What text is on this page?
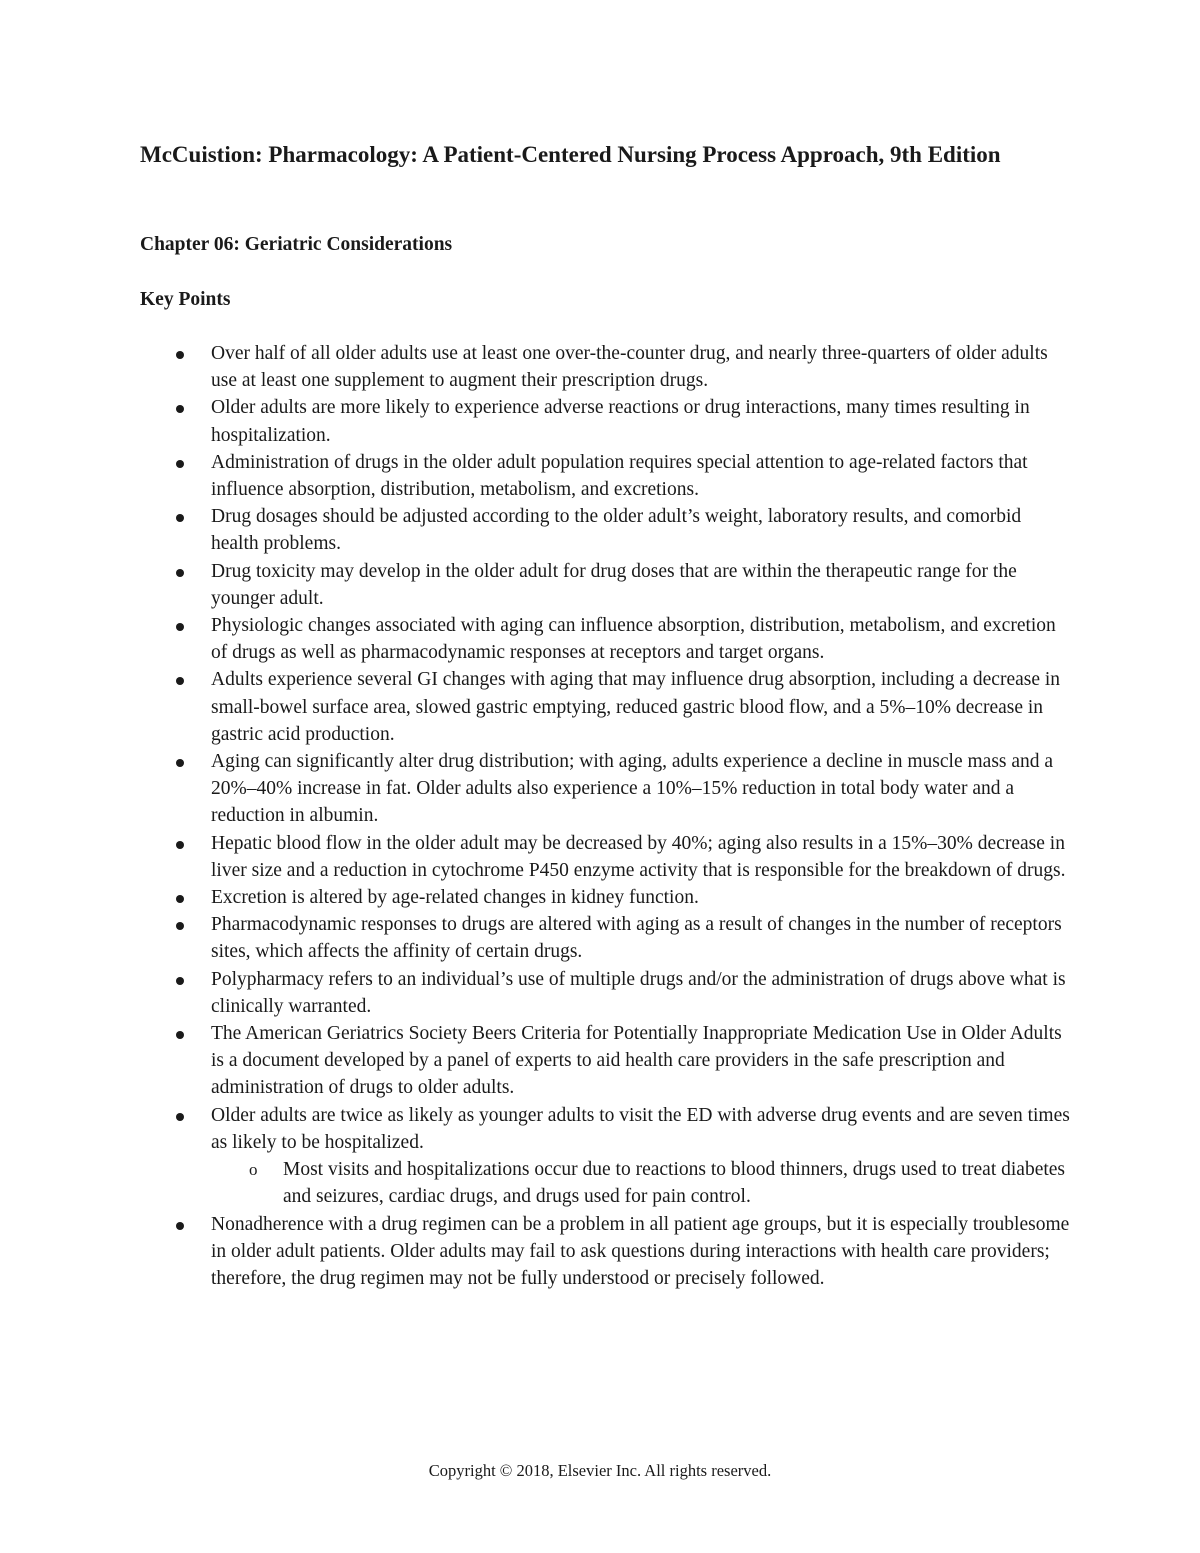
McCuistion: Pharmacology: A Patient-Centered Nursing Process Approach, 9th Edition
Chapter 06: Geriatric Considerations
Key Points
Over half of all older adults use at least one over-the-counter drug, and nearly three-quarters of older adults use at least one supplement to augment their prescription drugs.
Older adults are more likely to experience adverse reactions or drug interactions, many times resulting in hospitalization.
Administration of drugs in the older adult population requires special attention to age-related factors that influence absorption, distribution, metabolism, and excretions.
Drug dosages should be adjusted according to the older adult’s weight, laboratory results, and comorbid health problems.
Drug toxicity may develop in the older adult for drug doses that are within the therapeutic range for the younger adult.
Physiologic changes associated with aging can influence absorption, distribution, metabolism, and excretion of drugs as well as pharmacodynamic responses at receptors and target organs.
Adults experience several GI changes with aging that may influence drug absorption, including a decrease in small-bowel surface area, slowed gastric emptying, reduced gastric blood flow, and a 5%–10% decrease in gastric acid production.
Aging can significantly alter drug distribution; with aging, adults experience a decline in muscle mass and a 20%–40% increase in fat. Older adults also experience a 10%–15% reduction in total body water and a reduction in albumin.
Hepatic blood flow in the older adult may be decreased by 40%; aging also results in a 15%–30% decrease in liver size and a reduction in cytochrome P450 enzyme activity that is responsible for the breakdown of drugs.
Excretion is altered by age-related changes in kidney function.
Pharmacodynamic responses to drugs are altered with aging as a result of changes in the number of receptors sites, which affects the affinity of certain drugs.
Polypharmacy refers to an individual’s use of multiple drugs and/or the administration of drugs above what is clinically warranted.
The American Geriatrics Society Beers Criteria for Potentially Inappropriate Medication Use in Older Adults is a document developed by a panel of experts to aid health care providers in the safe prescription and administration of drugs to older adults.
Older adults are twice as likely as younger adults to visit the ED with adverse drug events and are seven times as likely to be hospitalized.
o Most visits and hospitalizations occur due to reactions to blood thinners, drugs used to treat diabetes and seizures, cardiac drugs, and drugs used for pain control.
Nonadherence with a drug regimen can be a problem in all patient age groups, but it is especially troublesome in older adult patients. Older adults may fail to ask questions during interactions with health care providers; therefore, the drug regimen may not be fully understood or precisely followed.

Copyright © 2018, Elsevier Inc. All rights reserved.
